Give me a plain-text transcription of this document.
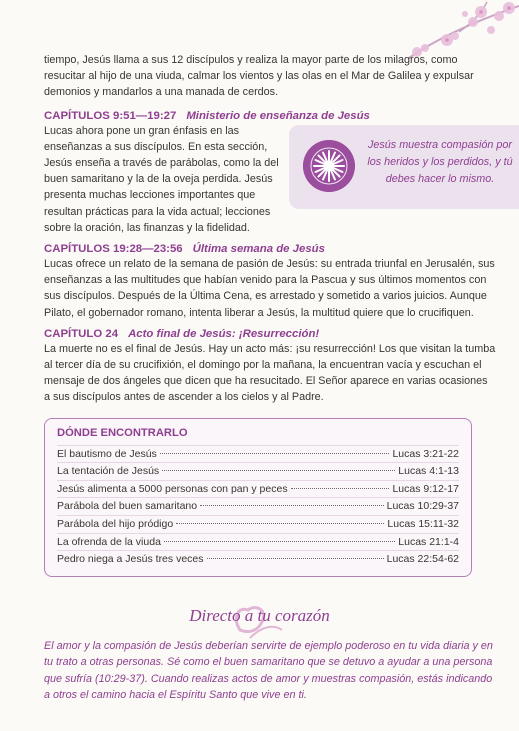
tiempo, Jesús llama a sus 12 discípulos y realiza la mayor parte de los milagros, como resucitar al hijo de una viuda, calmar los vientos y las olas en el Mar de Galilea y expulsar demonios y mandarlos a una manada de cerdos.

CAPÍTULOS 9:51—19:27 Ministerio de enseñanza de Jesús

Jesús muestra compasión por los heridos y los perdidos, y tú debes hacer lo mismo.

Lucas ahora pone un gran énfasis en las enseñanzas a sus discípulos. En esta sección, Jesús enseña a través de parábolas, como la del buen samaritano y la de la oveja perdida. Jesús presenta muchas lecciones importantes que resultan prácticas para la vida actual; lecciones sobre la oración, las finanzas y la fidelidad.

CAPÍTULOS 19:28—23:56 Última semana de Jesús

Lucas ofrece un relato de la semana de pasión de Jesús: su entrada triunfal en Jerusalén, sus enseñanzas a las multitudes que habían venido para la Pascua y sus últimos momentos con sus discípulos. Después de la Última Cena, es arrestado y sometido a varios juicios. Aunque Pilato, el gobernador romano, intenta liberar a Jesús, la multitud quiere que lo crucifiquen.

CAPÍTULO 24 Acto final de Jesús: ¡Resurrección!

La muerte no es el final de Jesús. Hay un acto más: ¡su resurrección! Los que visitan la tumba al tercer día de su crucifixión, el domingo por la mañana, la encuentran vacía y escuchan el mensaje de dos ángeles que dicen que ha resucitado. El Señor aparece en varias ocasiones a sus discípulos antes de ascender a los cielos y al Padre.

DÓNDE ENCONTRARLO
El bautismo de Jesús	Lucas 3:21-22
La tentación de Jesús	Lucas 4:1-13
Jesús alimenta a 5000 personas con pan y peces	Lucas 9:12-17
Parábola del buen samaritano	Lucas 10:29-37
Parábola del hijo pródigo	Lucas 15:11-32
La ofrenda de la viuda	Lucas 21:1-4
Pedro niega a Jesús tres veces	Lucas 22:54-62
Directo a tu corazón

El amor y la compasión de Jesús deberían servirte de ejemplo poderoso en tu vida diaria y en tu trato a otras personas. Sé como el buen samaritano que se detuvo a ayudar a una persona que sufría (10:29-37). Cuando realizas actos de amor y muestras compasión, estás indicando a otros el camino hacia el Espíritu Santo que vive en ti.
